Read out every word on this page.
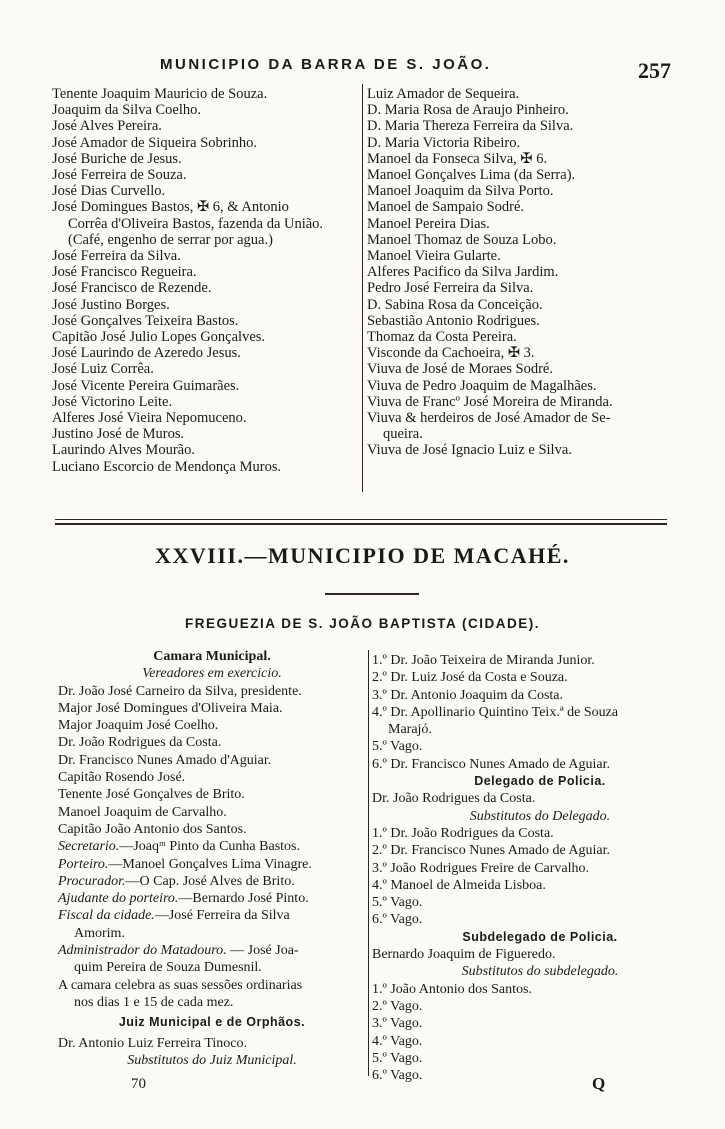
MUNICIPIO DA BARRA DE S. JOÃO.	257
Tenente Joaquim Mauricio de Souza.
Joaquim da Silva Coelho.
José Alves Pereira.
José Amador de Siqueira Sobrinho.
José Buriche de Jesus.
José Ferreira de Souza.
José Dias Curvello.
José Domingues Bastos, ✠ 6, & Antonio
Corrêa d'Oliveira Bastos, fazenda da União.
(Café, engenho de serrar por agua.)
José Ferreira da Silva.
José Francisco Regueira.
José Francisco de Rezende.
José Justino Borges.
José Gonçalves Teixeira Bastos.
Capitão José Julio Lopes Gonçalves.
José Laurindo de Azeredo Jesus.
José Luiz Corrêa.
José Vicente Pereira Guimarães.
José Victorino Leite.
Alferes José Vieira Nepomuceno.
Justino José de Muros.
Laurindo Alves Mourão.
Luciano Escorcio de Mendonça Muros.
Luiz Amador de Sequeira.
D. Maria Rosa de Araujo Pinheiro.
D. Maria Thereza Ferreira da Silva.
D. Maria Victoria Ribeiro.
Manoel da Fonseca Silva, ✠ 6.
Manoel Gonçalves Lima (da Serra).
Manoel Joaquim da Silva Porto.
Manoel de Sampaio Sodré.
Manoel Pereira Dias.
Manoel Thomaz de Souza Lobo.
Manoel Vieira Gularte.
Alferes Pacifico da Silva Jardim.
Pedro José Ferreira da Silva.
D. Sabina Rosa da Conceição.
Sebastião Antonio Rodrigues.
Thomaz da Costa Pereira.
Visconde da Cachoeira, ✠ 3.
Viuva de José de Moraes Sodré.
Viuva de Pedro Joaquim de Magalhães.
Viuva de Francº José Moreira de Miranda.
Viuva & herdeiros de José Amador de Se-
queira.
Viuva de José Ignacio Luiz e Silva.
XXVIII.—MUNICIPIO DE MACAHÉ.
FREGUEZIA DE S. JOÃO BAPTISTA (CIDADE).
Camara Municipal.
Vereadores em exercicio.
Dr. João José Carneiro da Silva, presidente.
Major José Domingues d'Oliveira Maia.
Major Joaquim José Coelho.
Dr. João Rodrigues da Costa.
Dr. Francisco Nunes Amado d'Aguiar.
Capitão Rosendo José.
Tenente José Gonçalves de Brito.
Manoel Joaquim de Carvalho.
Capitão João Antonio dos Santos.
Secretario.—Joaqᵐ Pinto da Cunha Bastos.
Porteiro.—Manoel Gonçalves Lima Vinagre.
Procurador.—O Cap. José Alves de Brito.
Ajudante do porteiro.—Bernardo José Pinto.
Fiscal da cidade.—José Ferreira da Silva
Amorim.
Administrador do Matadouro. — José Joa-
quim Pereira de Souza Dumesnil.
A camara celebra as suas sessões ordinarias
nos dias 1 e 15 de cada mez.
Juiz Municipal e de Orphãos.
Dr. Antonio Luiz Ferreira Tinoco.
Substitutos do Juiz Municipal.
1.º Dr. João Teixeira de Miranda Junior.
2.º Dr. Luiz José da Costa e Souza.
3.º Dr. Antonio Joaquim da Costa.
4.º Dr. Apollinario Quintino Teix.ª de Souza
Marajó.
5.º Vago.
6.º Dr. Francisco Nunes Amado de Aguiar.
Delegado de Policia.
Dr. João Rodrigues da Costa.
Substitutos do Delegado.
1.º Dr. João Rodrigues da Costa.
2.º Dr. Francisco Nunes Amado de Aguiar.
3.º João Rodrigues Freire de Carvalho.
4.º Manoel de Almeida Lisboa.
5.º Vago.
6.º Vago.
Subdelegado de Policia.
Bernardo Joaquim de Figueredo.
Substitutos do subdelegado.
1.º João Antonio dos Santos.
2.º Vago.
3.º Vago.
4.º Vago.
5.º Vago.
6.º Vago.
70	Q
